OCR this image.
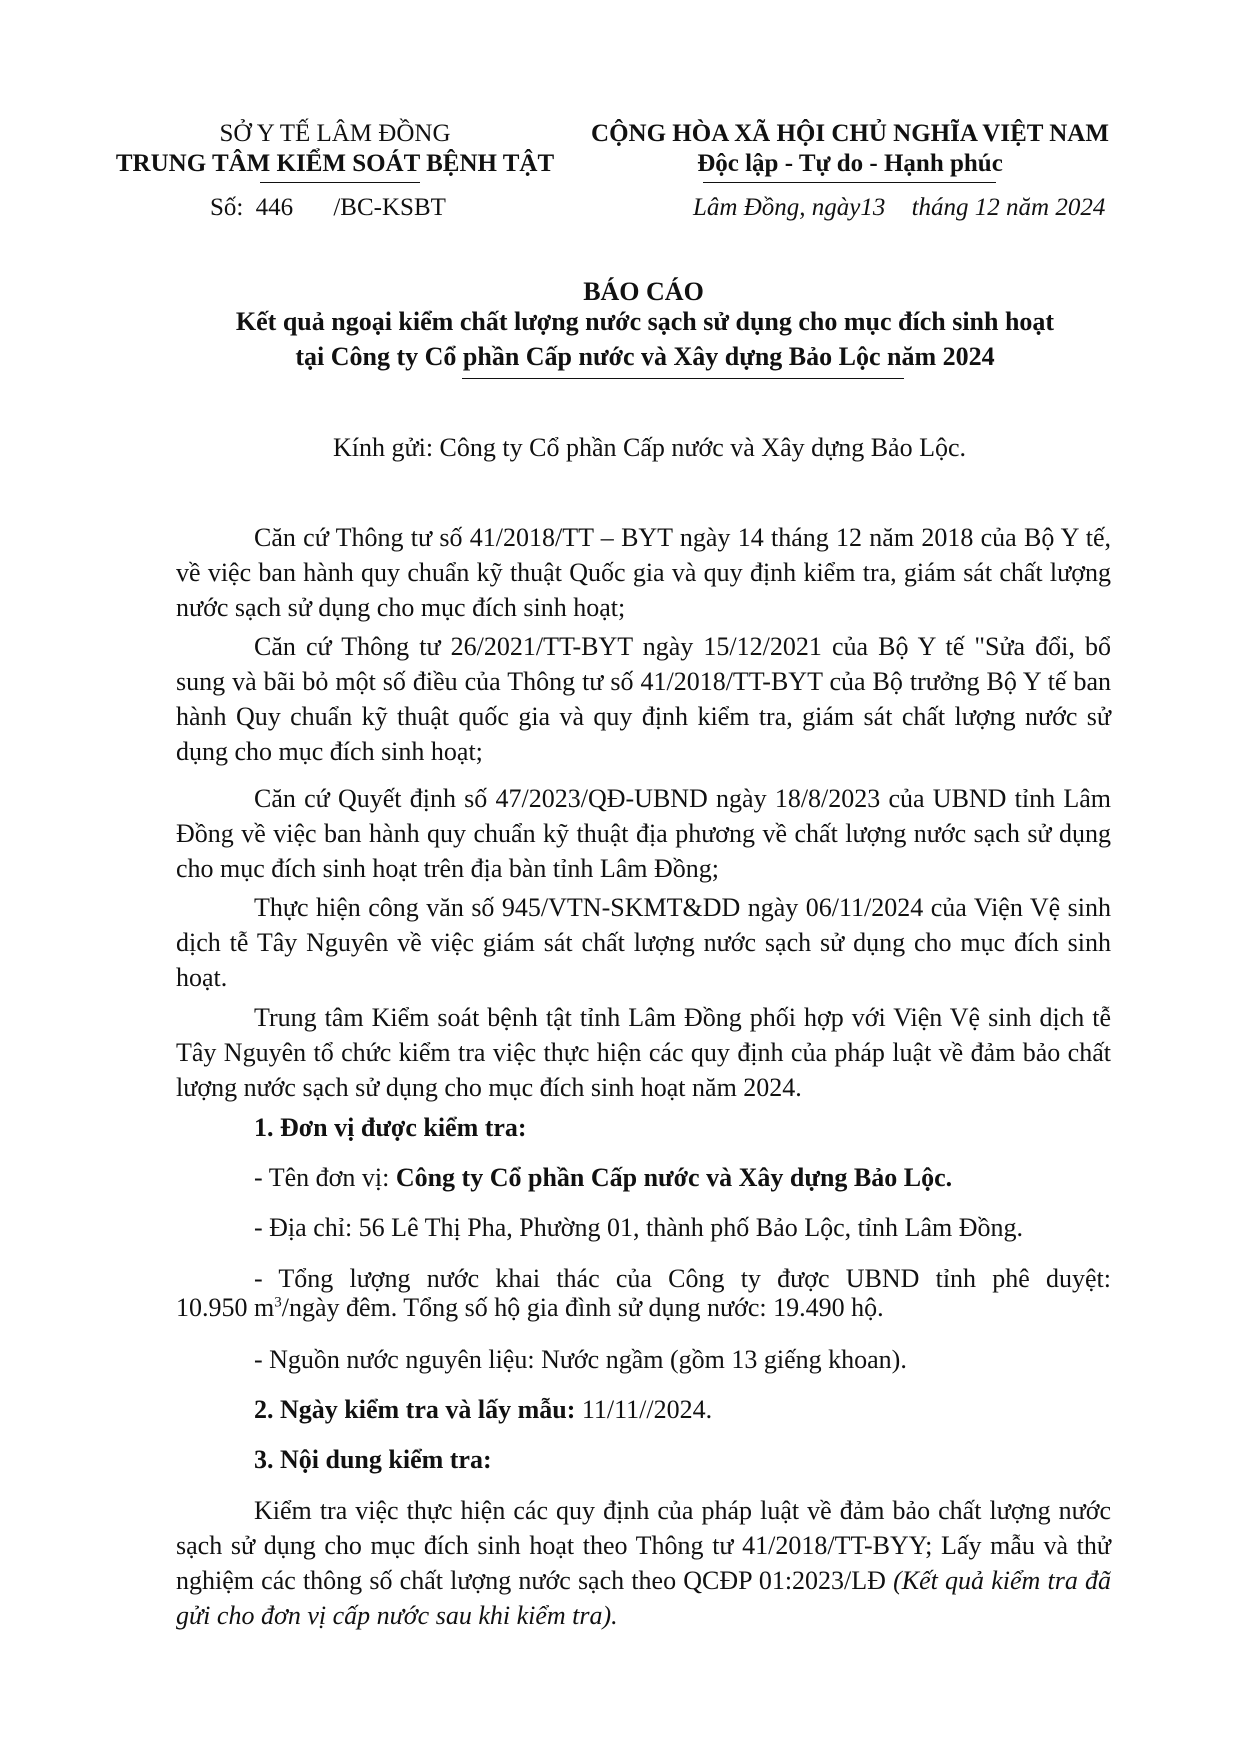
SỞ Y TẾ LÂM ĐỒNG
TRUNG TÂM KIỂM SOÁT BỆNH TẬT
Số: 446 /BC-KSBT
CỘNG HÒA XÃ HỘI CHỦ NGHĨA VIỆT NAM
Độc lập - Tự do - Hạnh phúc
Lâm Đồng, ngày13 tháng 12 năm 2024
BÁO CÁO
Kết quả ngoại kiểm chất lượng nước sạch sử dụng cho mục đích sinh hoạt
tại Công ty Cổ phần Cấp nước và Xây dựng Bảo Lộc năm 2024
Kính gửi: Công ty Cổ phần Cấp nước và Xây dựng Bảo Lộc.

Căn cứ Thông tư số 41/2018/TT – BYT ngày 14 tháng 12 năm 2018 của Bộ Y tế, về việc ban hành quy chuẩn kỹ thuật Quốc gia và quy định kiểm tra, giám sát chất lượng nước sạch sử dụng cho mục đích sinh hoạt;

Căn cứ Thông tư 26/2021/TT-BYT ngày 15/12/2021 của Bộ Y tế "Sửa đổi, bổ sung và bãi bỏ một số điều của Thông tư số 41/2018/TT-BYT của Bộ trưởng Bộ Y tế ban hành Quy chuẩn kỹ thuật quốc gia và quy định kiểm tra, giám sát chất lượng nước sử dụng cho mục đích sinh hoạt;

Căn cứ Quyết định số 47/2023/QĐ-UBND ngày 18/8/2023 của UBND tỉnh Lâm Đồng về việc ban hành quy chuẩn kỹ thuật địa phương về chất lượng nước sạch sử dụng cho mục đích sinh hoạt trên địa bàn tỉnh Lâm Đồng;

Thực hiện công văn số 945/VTN-SKMT&DD ngày 06/11/2024 của Viện Vệ sinh dịch tễ Tây Nguyên về việc giám sát chất lượng nước sạch sử dụng cho mục đích sinh hoạt.

Trung tâm Kiểm soát bệnh tật tỉnh Lâm Đồng phối hợp với Viện Vệ sinh dịch tễ Tây Nguyên tổ chức kiểm tra việc thực hiện các quy định của pháp luật về đảm bảo chất lượng nước sạch sử dụng cho mục đích sinh hoạt năm 2024.

1. Đơn vị được kiểm tra:
- Tên đơn vị: Công ty Cổ phần Cấp nước và Xây dựng Bảo Lộc.
- Địa chỉ: 56 Lê Thị Pha, Phường 01, thành phố Bảo Lộc, tỉnh Lâm Đồng.

- Tổng lượng nước khai thác của Công ty được UBND tỉnh phê duyệt:

10.950 $m^3$/ngày đêm. Tổng số hộ gia đình sử dụng nước: 19.490 hộ.
- Nguồn nước nguyên liệu: Nước ngầm (gồm 13 giếng khoan).
2. Ngày kiểm tra và lấy mẫu: 11/11//2024.
3. Nội dung kiểm tra:

Kiểm tra việc thực hiện các quy định của pháp luật về đảm bảo chất lượng nước sạch sử dụng cho mục đích sinh hoạt theo Thông tư 41/2018/TT-BYY; Lấy mẫu và thử nghiệm các thông số chất lượng nước sạch theo QCĐP 01:2023/LĐ (Kết quả kiểm tra đã gửi cho đơn vị cấp nước sau khi kiểm tra).
